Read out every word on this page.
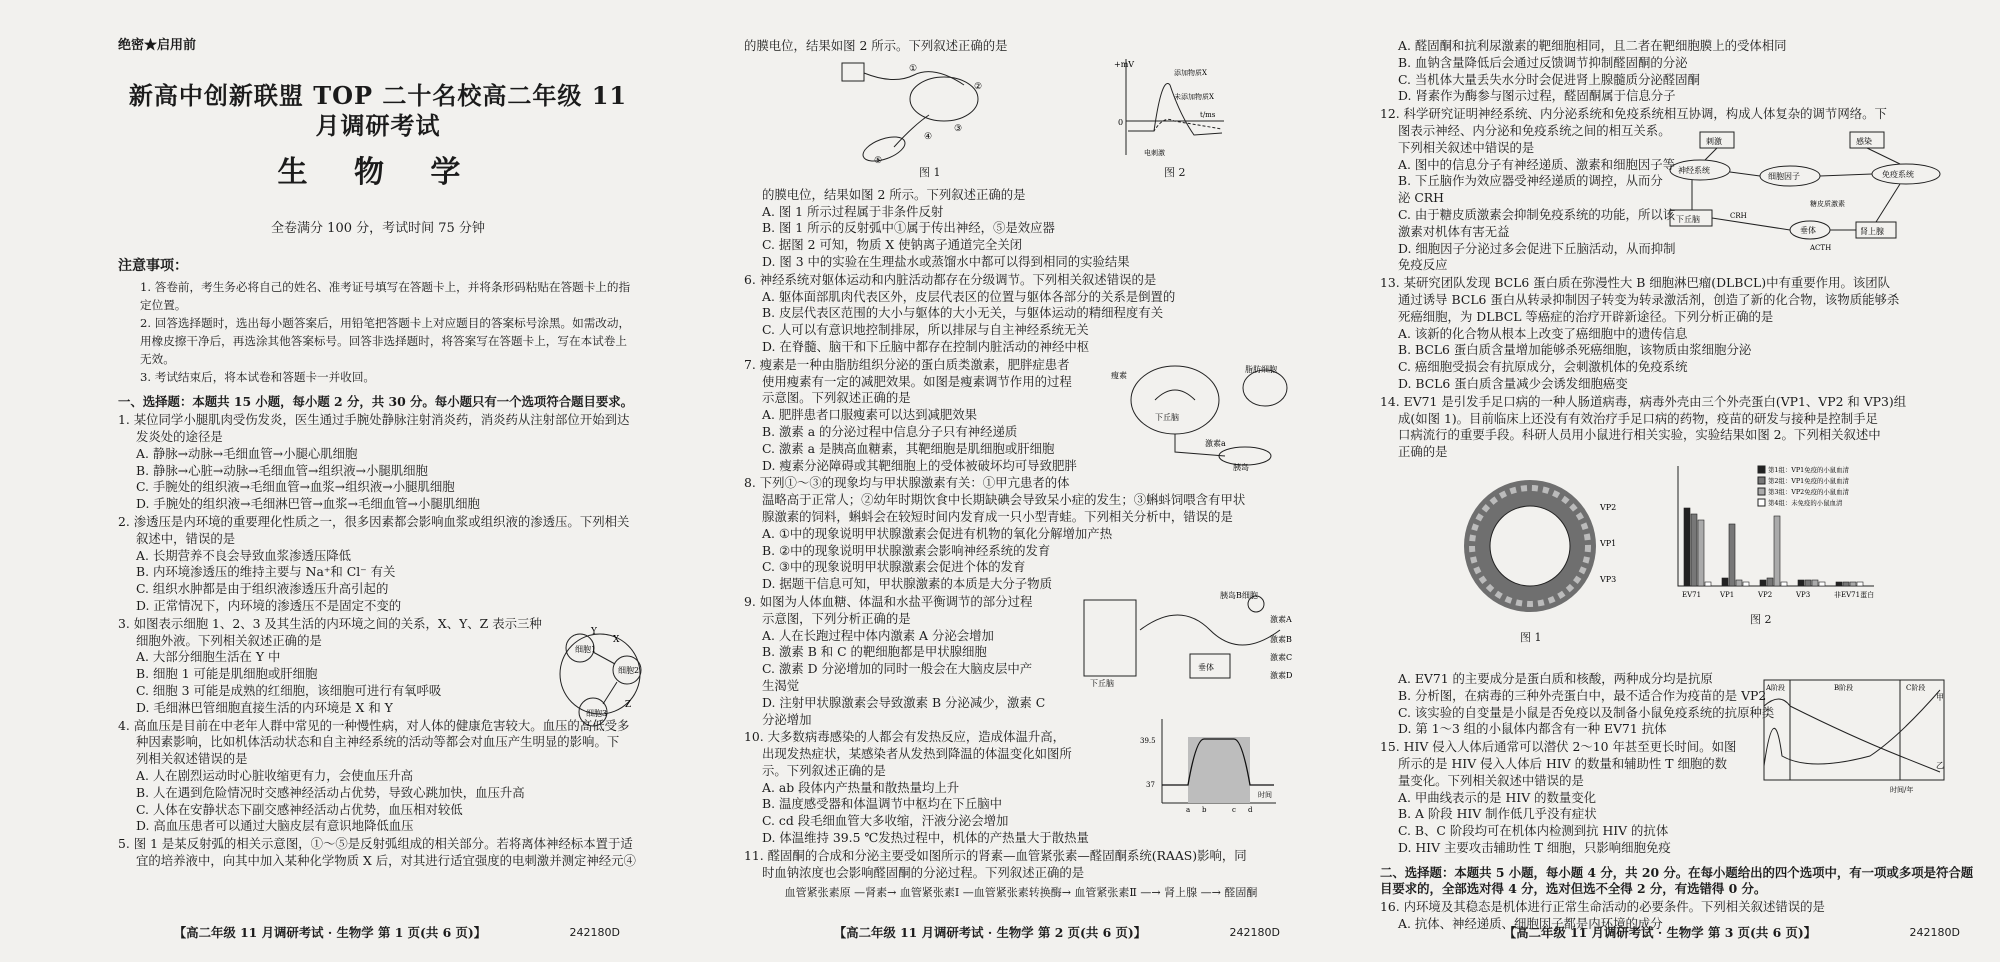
绝密★启用前

新高中创新联盟 TOP 二十名校高二年级 11 月调研考试

生 物 学

全卷满分 100 分，考试时间 75 分钟

注意事项：

1. 答卷前，考生务必将自己的姓名、准考证号填写在答题卡上，并将条形码粘贴在答题卡上的指定位置。

2. 回答选择题时，选出每小题答案后，用铅笔把答题卡上对应题目的答案标号涂黑。如需改动，用橡皮擦干净后，再选涂其他答案标号。回答非选择题时，将答案写在答题卡上，写在本试卷上无效。

3. 考试结束后，将本试卷和答题卡一并收回。

一、选择题：本题共 15 小题，每小题 2 分，共 30 分。每小题只有一个选项符合题目要求。

1. 某位同学小腿肌肉受伤发炎，医生通过手腕处静脉注射消炎药，消炎药从注射部位开始到达

发炎处的途径是

A. 静脉→动脉→毛细血管→小腿心肌细胞

B. 静脉→心脏→动脉→毛细血管→组织液→小腿肌细胞

C. 手腕处的组织液→毛细血管→血浆→组织液→小腿肌细胞

D. 手腕处的组织液→毛细淋巴管→血浆→毛细血管→小腿肌细胞

2. 渗透压是内环境的重要理化性质之一，很多因素都会影响血浆或组织液的渗透压。下列相关

叙述中，错误的是

A. 长期营养不良会导致血浆渗透压降低

B. 内环境渗透压的维持主要与 Na⁺和 Cl⁻ 有关

C. 组织水肿都是由于组织液渗透压升高引起的

D. 正常情况下，内环境的渗透压不是固定不变的

3. 如图表示细胞 1、2、3 及其生活的内环境之间的关系，X、Y、Z 表示三种

细胞外液。下列相关叙述正确的是

A. 大部分细胞生活在 Y 中

B. 细胞 1 可能是肌细胞或肝细胞

C. 细胞 3 可能是成熟的红细胞，该细胞可进行有氧呼吸

D. 毛细淋巴管细胞直接生活的内环境是 X 和 Y

4. 高血压是目前在中老年人群中常见的一种慢性病，对人体的健康危害较大。血压的高低受多

种因素影响，比如机体活动状态和自主神经系统的活动等都会对血压产生明显的影响。下

列相关叙述错误的是

A. 人在剧烈运动时心脏收缩更有力，会使血压升高

B. 人在遇到危险情况时交感神经活动占优势，导致心跳加快，血压升高

C. 人体在安静状态下副交感神经活动占优势，血压相对较低

D. 高血压患者可以通过大脑皮层有意识地降低血压

5. 图 1 是某反射弧的相关示意图，①～⑤是反射弧组成的相关部分。若将离体神经标本置于适

宜的培养液中，向其中加入某种化学物质 X 后，对其进行适宜强度的电刺激并测定神经元④

细胞1
细胞2
细胞3
Y
X
Z
【高二年级 11 月调研考试 · 生物学 第 1 页(共 6 页)】	242180D

的膜电位，结果如图 2 所示。下列叙述正确的是

⑤
①
②
③
④
图 1
+mV
0
添加物质X
未添加物质X
t/ms
电刺激
图 2

的膜电位，结果如图 2 所示。下列叙述正确的是

A. 图 1 所示过程属于非条件反射

B. 图 1 所示的反射弧中①属于传出神经，⑤是效应器

C. 据图 2 可知，物质 X 使钠离子通道完全关闭

D. 图 3 中的实验在生理盐水或蒸馏水中都可以得到相同的实验结果

6. 神经系统对躯体运动和内脏活动都存在分级调节。下列相关叙述错误的是

A. 躯体面部肌肉代表区外，皮层代表区的位置与躯体各部分的关系是倒置的

B. 皮层代表区范围的大小与躯体的大小无关，与躯体运动的精细程度有关

C. 人可以有意识地控制排尿，所以排尿与自主神经系统无关

D. 在脊髓、脑干和下丘脑中都存在控制内脏活动的神经中枢

7. 瘦素是一种由脂肪组织分泌的蛋白质类激素，肥胖症患者

使用瘦素有一定的减肥效果。如图是瘦素调节作用的过程

示意图。下列叙述正确的是

A. 肥胖患者口服瘦素可以达到减肥效果

B. 激素 a 的分泌过程中信息分子只有神经递质

C. 激素 a 是胰高血糖素，其靶细胞是肌细胞或肝细胞

D. 瘦素分泌障碍或其靶细胞上的受体被破坏均可导致肥胖

8. 下列①～③的现象均与甲状腺激素有关：①甲亢患者的体

温略高于正常人；②幼年时期饮食中长期缺碘会导致呆小症的发生；③蝌蚪饲喂含有甲状

腺激素的饲料，蝌蚪会在较短时间内发育成一只小型青蛙。下列相关分析中，错误的是

A. ①中的现象说明甲状腺激素会促进有机物的氧化分解增加产热

B. ②中的现象说明甲状腺激素会影响神经系统的发育

C. ③中的现象说明甲状腺激素会促进个体的发育

D. 据题干信息可知，甲状腺激素的本质是大分子物质

9. 如图为人体血糖、体温和水盐平衡调节的部分过程

示意图，下列分析正确的是

A. 人在长跑过程中体内激素 A 分泌会增加

B. 激素 B 和 C 的靶细胞都是甲状腺细胞

C. 激素 D 分泌增加的同时一般会在大脑皮层中产

生渴觉

D. 注射甲状腺激素会导致激素 B 分泌减少，激素 C

分泌增加

10. 大多数病毒感染的人都会有发热反应，造成体温升高，

出现发热症状，某感染者从发热到降温的体温变化如图所

示。下列叙述正确的是

A. ab 段体内产热量和散热量均上升

B. 温度感受器和体温调节中枢均在下丘脑中

C. cd 段毛细血管大多收缩，汗液分泌会增加

D. 体温维持 39.5 ℃发热过程中，机体的产热量大于散热量

11. 醛固酮的合成和分泌主要受如图所示的肾素—血管紧张素—醛固酮系统(RAAS)影响，同

时血钠浓度也会影响醛固酮的分泌过程。下列叙述正确的是

血管紧张素原 —肾素→ 血管紧张素Ⅰ —血管紧张素转换酶→ 血管紧张素Ⅱ —→ 肾上腺 —→ 醛固酮

脂肪细胞
瘦素
激素a
下丘脑
胰岛
下丘脑
胰岛B细胞
激素A
激素B
激素C
激素D
垂体
39.5
37
a b	c d
时间
【高二年级 11 月调研考试 · 生物学 第 2 页(共 6 页)】	242180D

A. 醛固酮和抗利尿激素的靶细胞相同，且二者在靶细胞膜上的受体相同

B. 血钠含量降低后会通过反馈调节抑制醛固酮的分泌

C. 当机体大量丢失水分时会促进肾上腺髓质分泌醛固酮

D. 肾素作为酶参与图示过程，醛固酮属于信息分子

12. 科学研究证明神经系统、内分泌系统和免疫系统相互协调，构成人体复杂的调节网络。下

图表示神经、内分泌和免疫系统之间的相互关系。

下列相关叙述中错误的是

A. 图中的信息分子有神经递质、激素和细胞因子等

B. 下丘脑作为效应器受神经递质的调控，从而分

泌 CRH

C. 由于糖皮质激素会抑制免疫系统的功能，所以该

激素对机体有害无益

D. 细胞因子分泌过多会促进下丘脑活动，从而抑制

免疫反应

13. 某研究团队发现 BCL6 蛋白质在弥漫性大 B 细胞淋巴瘤(DLBCL)中有重要作用。该团队

通过诱导 BCL6 蛋白从转录抑制因子转变为转录激活剂，创造了新的化合物，该物质能够杀

死癌细胞，为 DLBCL 等癌症的治疗开辟新途径。下列分析正确的是

A. 该新的化合物从根本上改变了癌细胞中的遗传信息

B. BCL6 蛋白质含量增加能够杀死癌细胞，该物质由浆细胞分泌

C. 癌细胞受损会有抗原成分，会刺激机体的免疫系统

D. BCL6 蛋白质含量减少会诱发细胞癌变

14. EV71 是引发手足口病的一种人肠道病毒，病毒外壳由三个外壳蛋白(VP1、VP2 和 VP3)组

成(如图 1)。目前临床上还没有有效治疗手足口病的药物，疫苗的研发与接种是控制手足

口病流行的重要手段。科研人员用小鼠进行相关实验，实验结果如图 2。下列相关叙述中

正确的是

A. EV71 的主要成分是蛋白质和核酸，两种成分均是抗原

B. 分析图，在病毒的三种外壳蛋白中，最不适合作为疫苗的是 VP2

C. 该实验的自变量是小鼠是否免疫以及制备小鼠免疫系统的抗原种类

D. 第 1～3 组的小鼠体内都含有一种 EV71 抗体

15. HIV 侵入人体后通常可以潜伏 2～10 年甚至更长时间。如图

所示的是 HIV 侵入人体后 HIV 的数量和辅助性 T 细胞的数

量变化。下列相关叙述中错误的是

A. 甲曲线表示的是 HIV 的数量变化

B. A 阶段 HIV 制作低几乎没有症状

C. B、C 阶段均可在机体内检测到抗 HIV 的抗体

D. HIV 主要攻击辅助性 T 细胞，只影响细胞免疫

二、选择题：本题共 5 小题，每小题 4 分，共 20 分。在每小题给出的四个选项中，有一项或多项是符合题目要求的，全部选对得 4 分，选对但选不全得 2 分，有选错得 0 分。

16. 内环境及其稳态是机体进行正常生命活动的必要条件。下列相关叙述错误的是

A. 抗体、神经递质、细胞因子都是内环境的成分

刺激	感染
神经系统
细胞因子	免疫系统
下丘脑	CRH
垂体
ACTH
肾上腺
糖皮质激素
VP2
VP1
VP3
图 1
EV71	VP1	VP2	VP3	非EV71蛋白
第1组：VP1免疫的小鼠血清
第2组：VP1免疫的小鼠血清
第3组：VP2免疫的小鼠血清
第4组：未免疫的小鼠血清
图 2
A阶段	B阶段	C阶段
甲
乙
时间/年
【高二年级 11 月调研考试 · 生物学 第 3 页(共 6 页)】	242180D
